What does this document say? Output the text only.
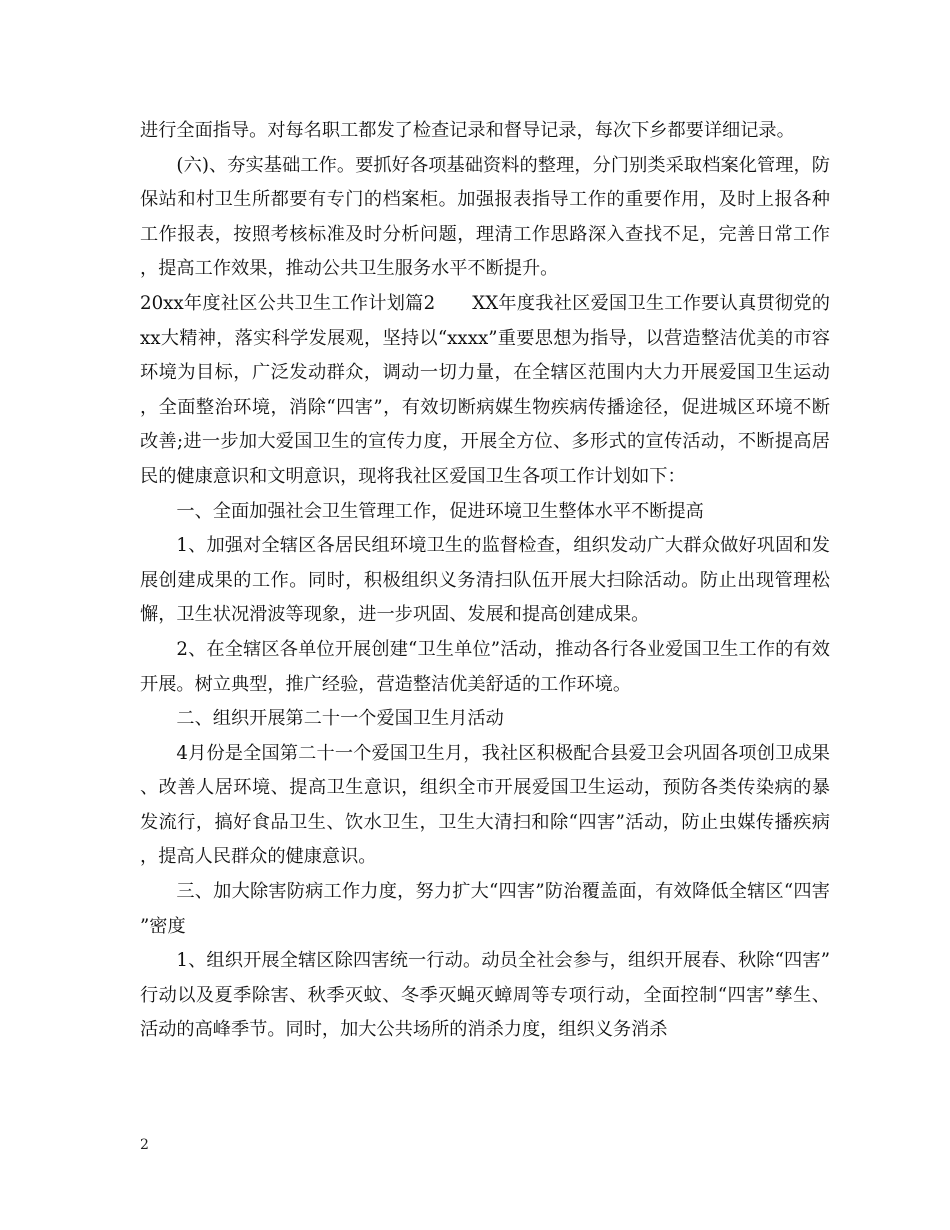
进行全面指导。对每名职工都发了检查记录和督导记录，每次下乡都要详细记录。

(六)、夯实基础工作。要抓好各项基础资料的整理，分门别类采取档案化管理，防保站和村卫生所都要有专门的档案柜。加强报表指导工作的重要作用，及时上报各种工作报表，按照考核标准及时分析问题，理清工作思路深入查找不足，完善日常工作，提高工作效果，推动公共卫生服务水平不断提升。

20xx年度社区公共卫生工作计划篇2　　XX年度我社区爱国卫生工作要认真贯彻党的xx大精神，落实科学发展观，坚持以“xxxx”重要思想为指导，以营造整洁优美的市容环境为目标，广泛发动群众，调动一切力量，在全辖区范围内大力开展爱国卫生运动，全面整治环境，消除“四害”，有效切断病媒生物疾病传播途径，促进城区环境不断改善;进一步加大爱国卫生的宣传力度，开展全方位、多形式的宣传活动，不断提高居民的健康意识和文明意识，现将我社区爱国卫生各项工作计划如下：

一、全面加强社会卫生管理工作，促进环境卫生整体水平不断提高

1、加强对全辖区各居民组环境卫生的监督检查，组织发动广大群众做好巩固和发展创建成果的工作。同时，积极组织义务清扫队伍开展大扫除活动。防止出现管理松懈，卫生状况滑波等现象，进一步巩固、发展和提高创建成果。

2、在全辖区各单位开展创建“卫生单位”活动，推动各行各业爱国卫生工作的有效开展。树立典型，推广经验，营造整洁优美舒适的工作环境。

二、组织开展第二十一个爱国卫生月活动

4月份是全国第二十一个爱国卫生月，我社区积极配合县爱卫会巩固各项创卫成果、改善人居环境、提高卫生意识，组织全市开展爱国卫生运动，预防各类传染病的暴发流行，搞好食品卫生、饮水卫生，卫生大清扫和除“四害”活动，防止虫媒传播疾病，提高人民群众的健康意识。

三、加大除害防病工作力度，努力扩大“四害”防治覆盖面，有效降低全辖区“四害”密度

1、组织开展全辖区除四害统一行动。动员全社会参与，组织开展春、秋除“四害”行动以及夏季除害、秋季灭蚊、冬季灭蝇灭蟑周等专项行动，全面控制“四害”孳生、活动的高峰季节。同时，加大公共场所的消杀力度，组织义务消杀

2
